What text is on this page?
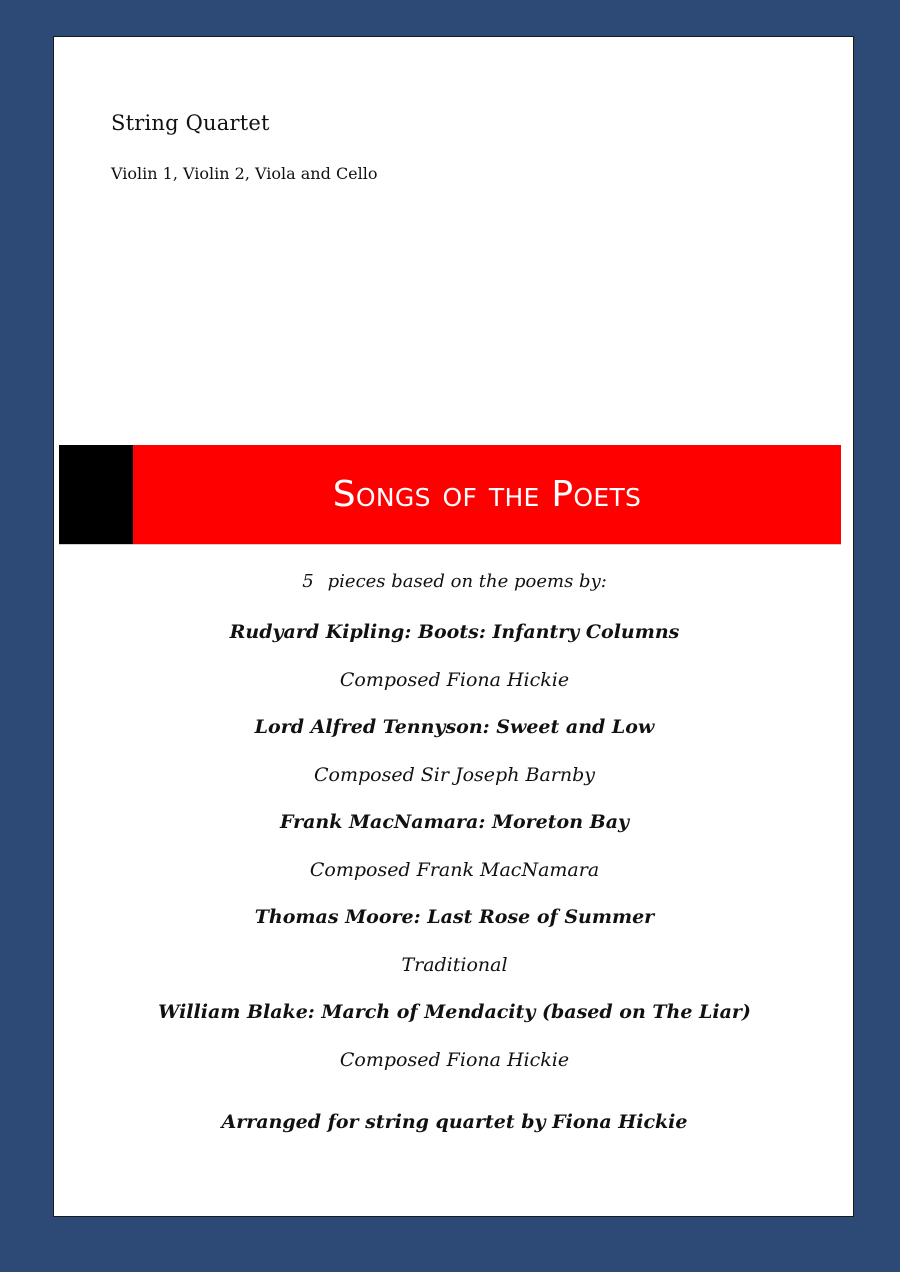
String Quartet
Violin 1, Violin 2, Viola and Cello
Songs of the Poets
5 pieces based on the poems by:
Rudyard Kipling: Boots: Infantry Columns
Composed Fiona Hickie
Lord Alfred Tennyson: Sweet and Low
Composed Sir Joseph Barnby
Frank MacNamara: Moreton Bay
Composed Frank MacNamara
Thomas Moore: Last Rose of Summer
Traditional
William Blake: March of Mendacity (based on The Liar)
Composed Fiona Hickie
Arranged for string quartet by Fiona Hickie
